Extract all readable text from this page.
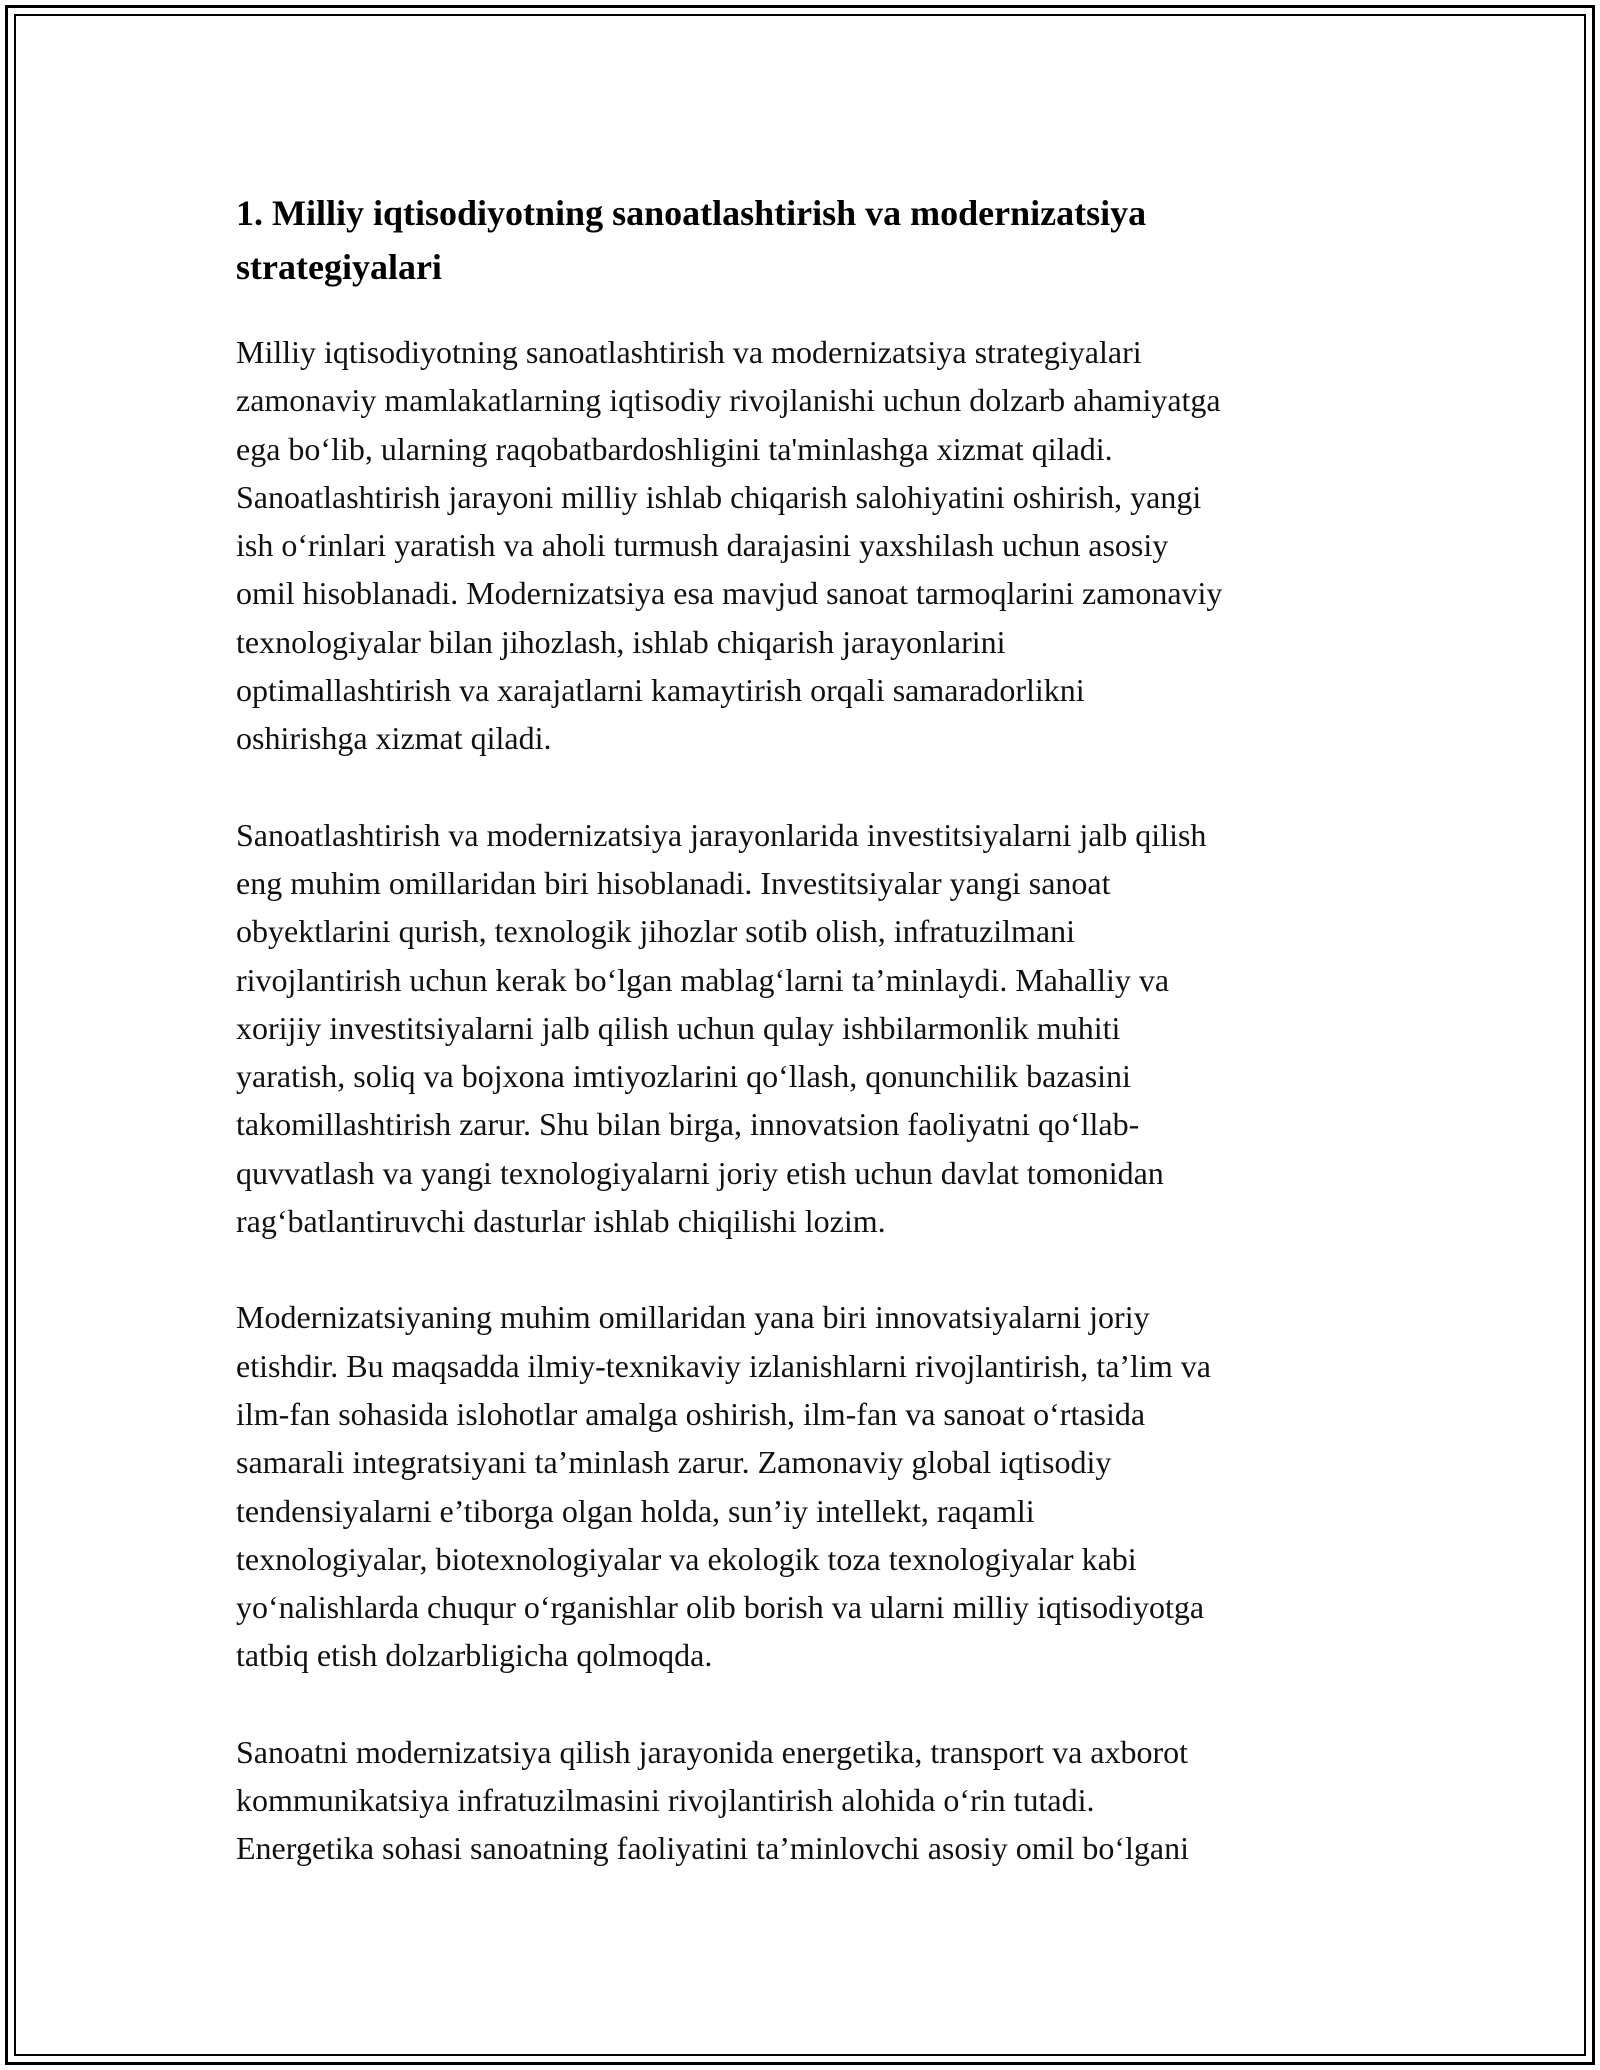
1. Milliy iqtisodiyotning sanoatlashtirish va modernizatsiya
strategiyalari

Milliy iqtisodiyotning sanoatlashtirish va modernizatsiya strategiyalari
zamonaviy mamlakatlarning iqtisodiy rivojlanishi uchun dolzarb ahamiyatga
ega bo‘lib, ularning raqobatbardoshligini ta'minlashga xizmat qiladi.
Sanoatlashtirish jarayoni milliy ishlab chiqarish salohiyatini oshirish, yangi
ish o‘rinlari yaratish va aholi turmush darajasini yaxshilash uchun asosiy
omil hisoblanadi. Modernizatsiya esa mavjud sanoat tarmoqlarini zamonaviy
texnologiyalar bilan jihozlash, ishlab chiqarish jarayonlarini
optimallashtirish va xarajatlarni kamaytirish orqali samaradorlikni
oshirishga xizmat qiladi.

Sanoatlashtirish va modernizatsiya jarayonlarida investitsiyalarni jalb qilish
eng muhim omillaridan biri hisoblanadi. Investitsiyalar yangi sanoat
obyektlarini qurish, texnologik jihozlar sotib olish, infratuzilmani
rivojlantirish uchun kerak bo‘lgan mablag‘larni ta’minlaydi. Mahalliy va
xorijiy investitsiyalarni jalb qilish uchun qulay ishbilarmonlik muhiti
yaratish, soliq va bojxona imtiyozlarini qo‘llash, qonunchilik bazasini
takomillashtirish zarur. Shu bilan birga, innovatsion faoliyatni qo‘llab-
quvvatlash va yangi texnologiyalarni joriy etish uchun davlat tomonidan
rag‘batlantiruvchi dasturlar ishlab chiqilishi lozim.

Modernizatsiyaning muhim omillaridan yana biri innovatsiyalarni joriy
etishdir. Bu maqsadda ilmiy-texnikaviy izlanishlarni rivojlantirish, ta’lim va
ilm-fan sohasida islohotlar amalga oshirish, ilm-fan va sanoat o‘rtasida
samarali integratsiyani ta’minlash zarur. Zamonaviy global iqtisodiy
tendensiyalarni e’tiborga olgan holda, sun’iy intellekt, raqamli
texnologiyalar, biotexnologiyalar va ekologik toza texnologiyalar kabi
yo‘nalishlarda chuqur o‘rganishlar olib borish va ularni milliy iqtisodiyotga
tatbiq etish dolzarbligicha qolmoqda.

Sanoatni modernizatsiya qilish jarayonida energetika, transport va axborot
kommunikatsiya infratuzilmasini rivojlantirish alohida o‘rin tutadi.
Energetika sohasi sanoatning faoliyatini ta’minlovchi asosiy omil bo‘lgani
